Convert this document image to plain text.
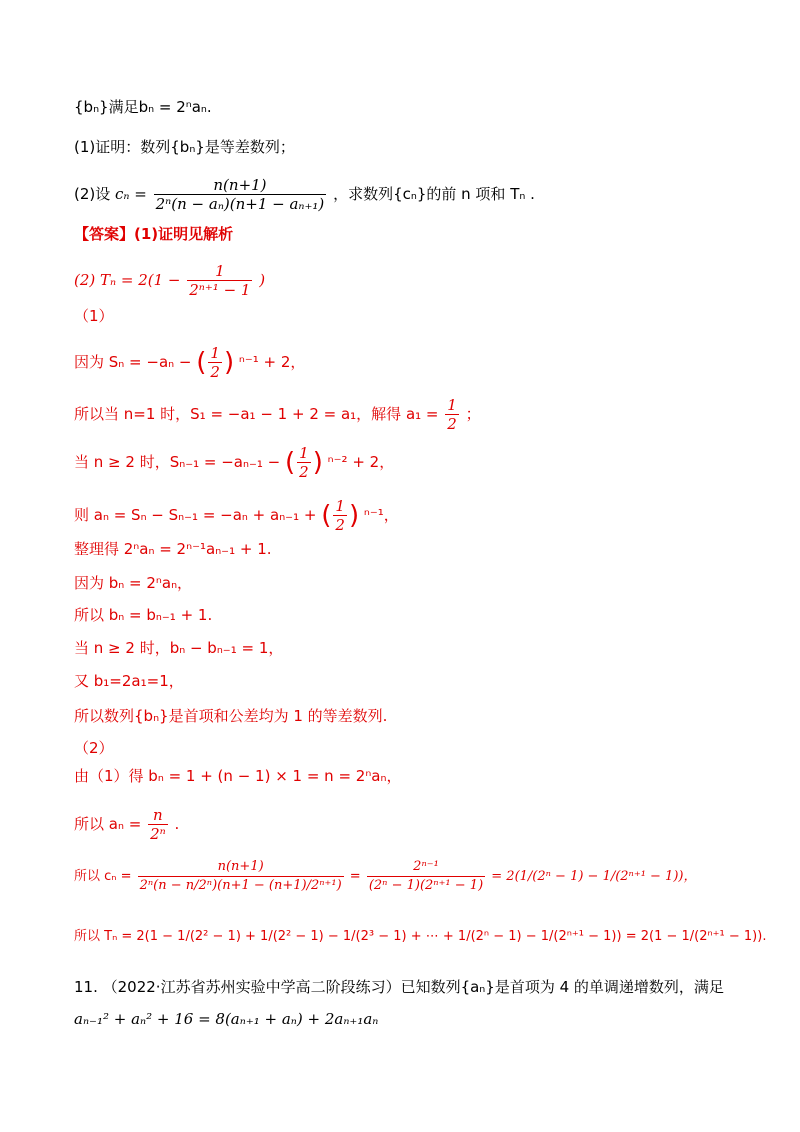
{bₙ}满足bₙ = 2ⁿaₙ.
(1)证明：数列{bₙ}是等差数列；
(2)设 $c_n = \frac{n(n+1)}{\text{2ⁿ(n − aₙ)(n+1 − aₙ₊₁)}}$ ，求数列{cₙ}的前 n 项和 Tₙ .
【答案】(1)证明见解析
(2) $T_n = 2(1 - \frac{1}{\text{2ⁿ⁺¹ − 1}}$ )
（1）
因为 Sₙ = −aₙ − ( $\frac{1}{2}$ ) ⁿ⁻¹ + 2，
所以当 n=1 时，S₁ = −a₁ − 1 + 2 = a₁，解得 $a_1 = \frac{1}{2}$ ；
当 n ≥ 2 时，Sₙ₋₁ = −aₙ₋₁ − ( $\frac{1}{2}$ ) ⁿ⁻² + 2，
则 aₙ = Sₙ − Sₙ₋₁ = −aₙ + aₙ₋₁ + ( $\frac{1}{2}$ ) ⁿ⁻¹，
整理得 2ⁿaₙ = 2ⁿ⁻¹aₙ₋₁ + 1.
因为 bₙ = 2ⁿaₙ，
所以 bₙ = bₙ₋₁ + 1.
当 n ≥ 2 时，bₙ − bₙ₋₁ = 1，
又 b₁=2a₁=1，
所以数列{bₙ}是首项和公差均为 1 的等差数列.
（2）
由（1）得 bₙ = 1 + (n − 1) × 1 = n = 2ⁿaₙ，
所以 $a_n = \frac{n}{\text{2ⁿ}}$ .
所以 $c_n = \frac{n(n+1)}{\text{2ⁿ(n − n/2ⁿ)(n+1 − (n+1)/2ⁿ⁺¹)}} = \frac{\text{2ⁿ⁻¹}}{\text{(2ⁿ − 1)(2ⁿ⁺¹ − 1)}} = 2(1/(2^n - 1) - 1/(2^{n+1} - 1))$，
所以 Tₙ = 2(1 − 1/(2² − 1) + 1/(2² − 1) − 1/(2³ − 1) + ⋯ + 1/(2ⁿ − 1) − 1/(2ⁿ⁺¹ − 1)) = 2(1 − 1/(2ⁿ⁺¹ − 1)).
11. （2022·江苏省苏州实验中学高二阶段练习）已知数列{aₙ}是首项为 4 的单调递增数列，满足
aₙ₋₁² + aₙ² + 16 = 8(aₙ₊₁ + aₙ) + 2aₙ₊₁aₙ
